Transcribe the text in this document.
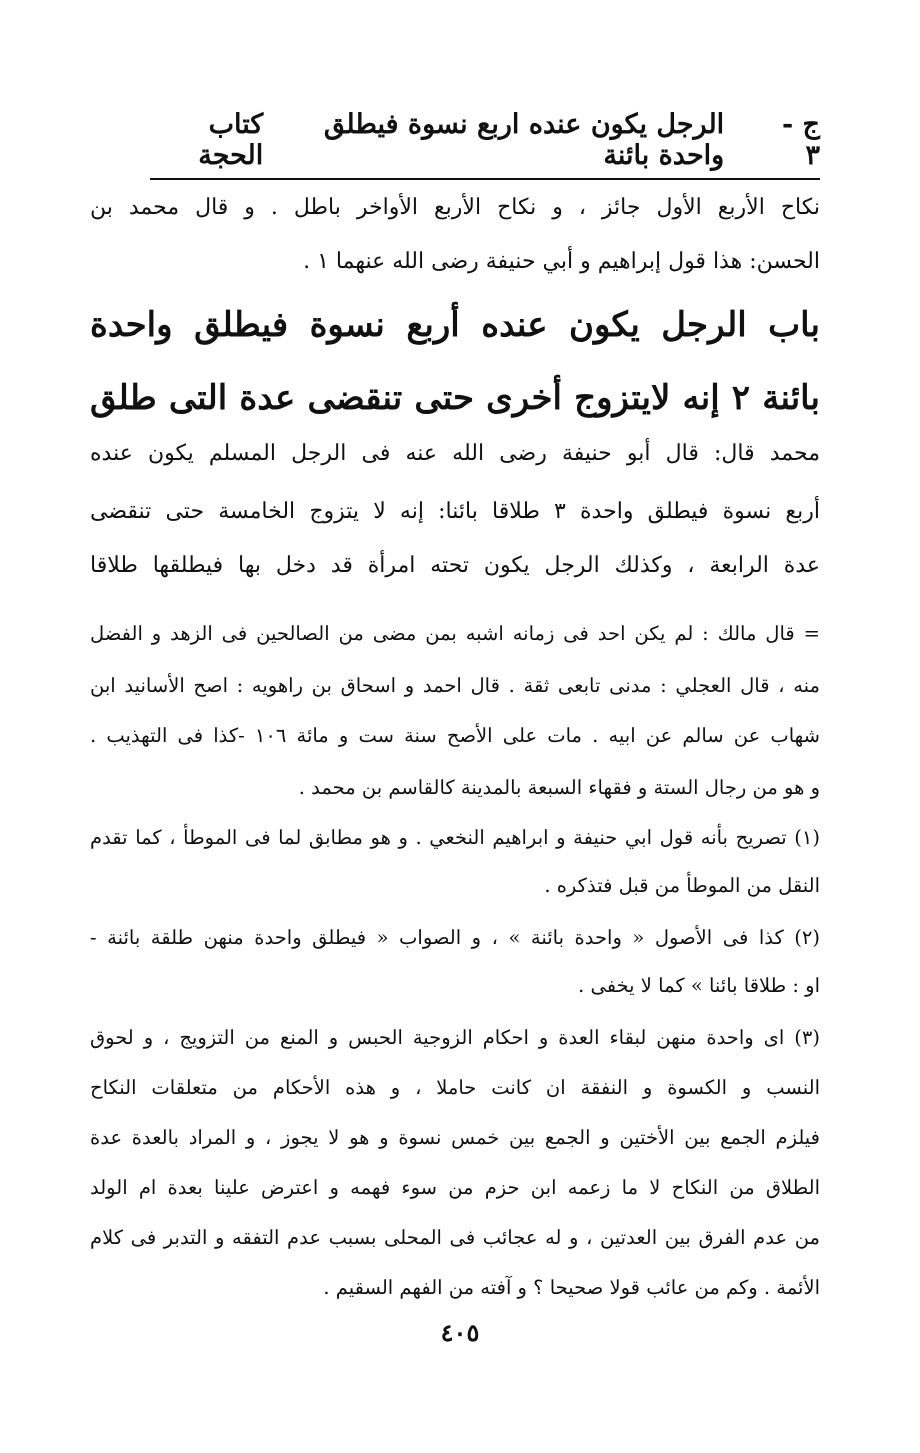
كتاب الحجة
الرجل يكون عنده اربع نسوة فيطلق واحدة بائنة
ج - ٣
نكاح الأربع الأول جائز ، و نكاح الأربع الأواخر باطل . و قال محمد بن
الحسن: هذا قول إبراهيم و أبي حنيفة رضى الله عنهما ١ .
باب الرجل يكون عنده أربع نسوة فيطلق واحدة
بائنة ٢ إنه لايتزوج أخرى حتى تنقضى عدة التى طلق
محمد قال: قال أبو حنيفة رضى الله عنه فى الرجل المسلم يكون عنده
أربع نسوة فيطلق واحدة ٣ طلاقا بائنا: إنه لا يتزوج الخامسة حتى تنقضى
عدة الرابعة ، وكذلك الرجل يكون تحته امرأة قد دخل بها فيطلقها طلاقا
= قال مالك : لم يكن احد فى زمانه اشبه بمن مضى من الصالحين فى الزهد و الفضل
منه ، قال العجلي : مدنى تابعى ثقة . قال احمد و اسحاق بن راهويه : اصح الأسانيد ابن
شهاب عن سالم عن ابيه . مات على الأصح سنة ست و مائة ١٠٦ -كذا فى التهذيب .
و هو من رجال الستة و فقهاء السبعة بالمدينة كالقاسم بن محمد .
(١) تصريح بأنه قول ابي حنيفة و ابراهيم النخعي . و هو مطابق لما فى الموطأ ، كما تقدم
النقل من الموطأ من قبل فتذكره .
(٢) كذا فى الأصول « واحدة بائنة » ، و الصواب « فيطلق واحدة منهن طلقة بائنة -
او : طلاقا بائنا » كما لا يخفى .
(٣) اى واحدة منهن لبقاء العدة و احكام الزوجية الحبس و المنع من التزويج ، و لحوق
النسب و الكسوة و النفقة ان كانت حاملا ، و هذه الأحكام من متعلقات النكاح
فيلزم الجمع بين الأختين و الجمع بين خمس نسوة و هو لا يجوز ، و المراد بالعدة عدة
الطلاق من النكاح لا ما زعمه ابن حزم من سوء فهمه و اعترض علينا بعدة ام الولد
من عدم الفرق بين العدتين ، و له عجائب فى المحلى بسبب عدم التفقه و التدبر فى كلام
الأئمة . وكم من عائب قولا صحيحا ؟ و آفته من الفهم السقيم .
٤٠٥
